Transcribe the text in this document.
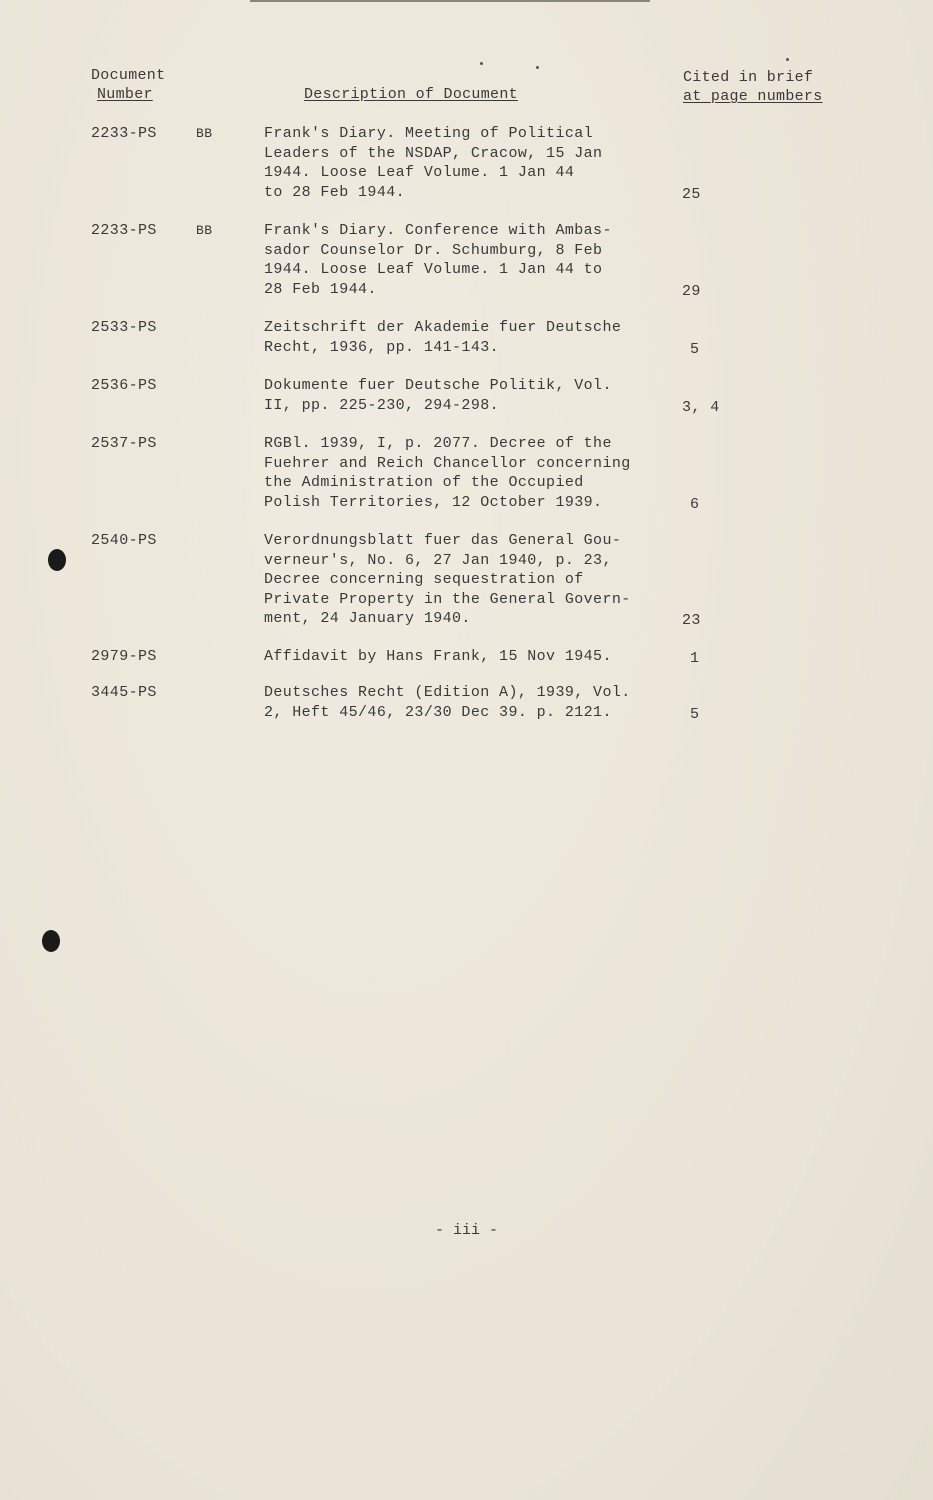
Document
Number	Description of Document
Cited in brief
at page numbers
2233-PS	BB	Frank's Diary. Meeting of Political
Leaders of the NSDAP, Cracow, 15 Jan
1944. Loose Leaf Volume. 1 Jan 44
to 28 Feb 1944.	25
2233-PS	BB	Frank's Diary. Conference with Ambas-
sador Counselor Dr. Schumburg, 8 Feb
1944. Loose Leaf Volume. 1 Jan 44 to
28 Feb 1944.	29
2533-PS	Zeitschrift der Akademie fuer Deutsche
Recht, 1936, pp. 141-143.	5
2536-PS	Dokumente fuer Deutsche Politik, Vol.
II, pp. 225-230, 294-298.	3, 4
2537-PS	RGBl. 1939, I, p. 2077. Decree of the
Fuehrer and Reich Chancellor concerning
the Administration of the Occupied
Polish Territories, 12 October 1939.	6
2540-PS	Verordnungsblatt fuer das General Gou-
verneur's, No. 6, 27 Jan 1940, p. 23,
Decree concerning sequestration of
Private Property in the General Govern-
ment, 24 January 1940.	23
2979-PS	Affidavit by Hans Frank, 15 Nov 1945.	1
3445-PS	Deutsches Recht (Edition A), 1939, Vol.
2, Heft 45/46, 23/30 Dec 39. p. 2121.	5
- iii -
